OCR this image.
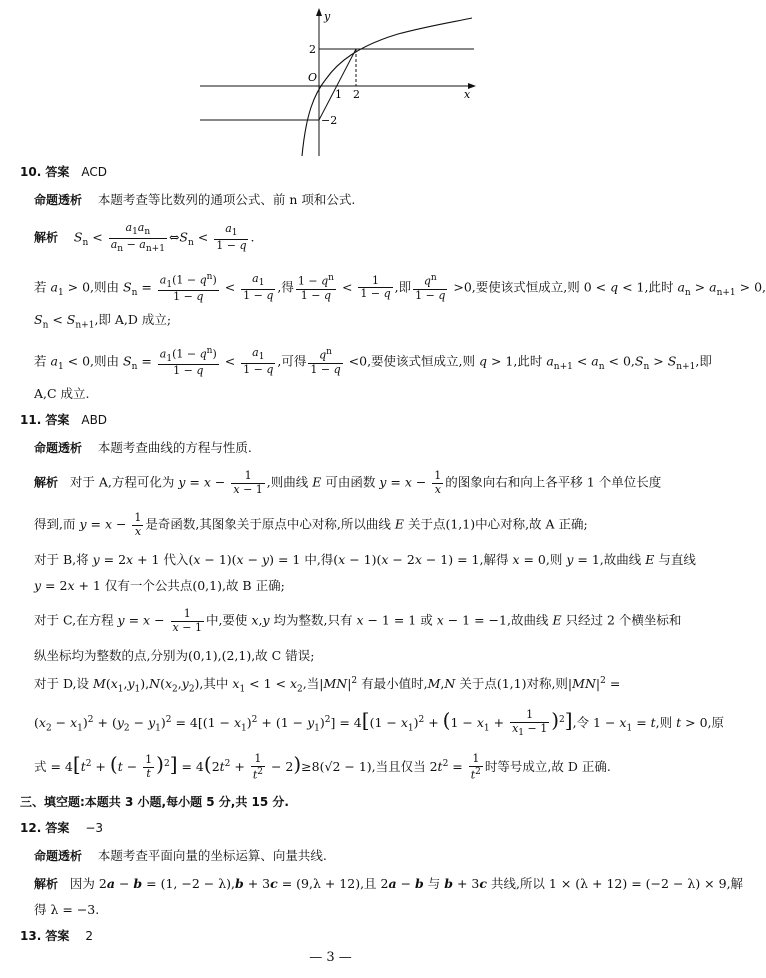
y
x
O
1 2
2
−2
10. 答案 ACD
命题透析 本题考查等比数列的通项公式、前 n 项和公式.
解析 $S_n < \frac{a_1a_n}{a_n - a_{n+1}}$ $\Leftrightarrow S_n < \frac{a_1}{1 - q}$ .
若 $a_1 > 0$,则由 $S_n = \frac{a_1(1 - q^n)}{1 - q} < \frac{a_1}{1 - q}$ ,得 $\frac{1 - q^n}{1 - q} < \frac{1}{1 - q}$ ,即 $\frac{q^n}{1 - q} >0$,要使该式恒成立,则 0 < q < 1,此时 $a_n > a_{n+1} > 0$,
$S_n < S_{n+1}$,即 A,D 成立;
若 $a_1 < 0$,则由 $S_n = \frac{a_1(1 - q^n)}{1 - q} < \frac{a_1}{1 - q}$ ,可得 $\frac{q^n}{1 - q} <0$,要使该式恒成立,则 q > 1,此时 $a_{n+1} < a_n < 0,S_n > S_{n+1}$,即
A,C 成立.
11. 答案 ABD
命题透析 本题考查曲线的方程与性质.
解析   对于 A,方程可化为 $y = x - \frac{1}{x - 1}$ ,则曲线 E 可由函数 $y = x - \frac{1}{x}$ 的图象向右和向上各平移 1 个单位长度
得到,而 $y = x - \frac{1}{x}$ 是奇函数,其图象关于原点中心对称,所以曲线 E 关于点(1,1)中心对称,故 A 正确;
对于 B,将 y = 2x + 1 代入(x − 1)(x − y) = 1 中,得(x − 1)(x − 2x − 1) = 1,解得 x = 0,则 y = 1,故曲线 E 与直线
y = 2x + 1 仅有一个公共点(0,1),故 B 正确;
对于 C,在方程 $y = x - \frac{1}{x - 1}$ 中,要使 x,y 均为整数,只有 x − 1 = 1 或 x − 1 = −1,故曲线 E 只经过 2 个横坐标和
纵坐标均为整数的点,分别为(0,1),(2,1),故 C 错误;
对于 D,设 $M(x_1,y_1),N(x_2,y_2)$,其中 $x_1 < 1 < x_2$,当$|MN|^2$ 有最小值时,M,N 关于点(1,1)对称,则$|MN|^2$ =
$(x_2 - x_1)^2 + (y_2 - y_1)^2 = 4[(1 - x_1)^2 + (1 - y_1)^2] = 4[(1 - x_1)^2 + (1 - x_1 + \frac{1}{x_1 - 1} )^2]$,令 $1 - x_1 = t$,则 t > 0,原
式 = $4[t^2 + (t - \frac{1}{t} )^2] = 4(2t^2 + \frac{1}{t^2} - 2)\ge 8(√2 - 1)$,当且仅当 $2t^2 = \frac{1}{t^2}$ 时等号成立,故 D 正确.
三、填空题:本题共 3 小题,每小题 5 分,共 15 分.
12. 答案 −3
命题透析 本题考查平面向量的坐标运算、向量共线.
解析   因为 2a − b = (1, −2 − λ),b + 3c = (9,λ + 12),且 2a − b 与 b + 3c 共线,所以 1 × (λ + 12) = (−2 − λ) × 9,解
得 λ = −3.
13. 答案 2
— 3 —
